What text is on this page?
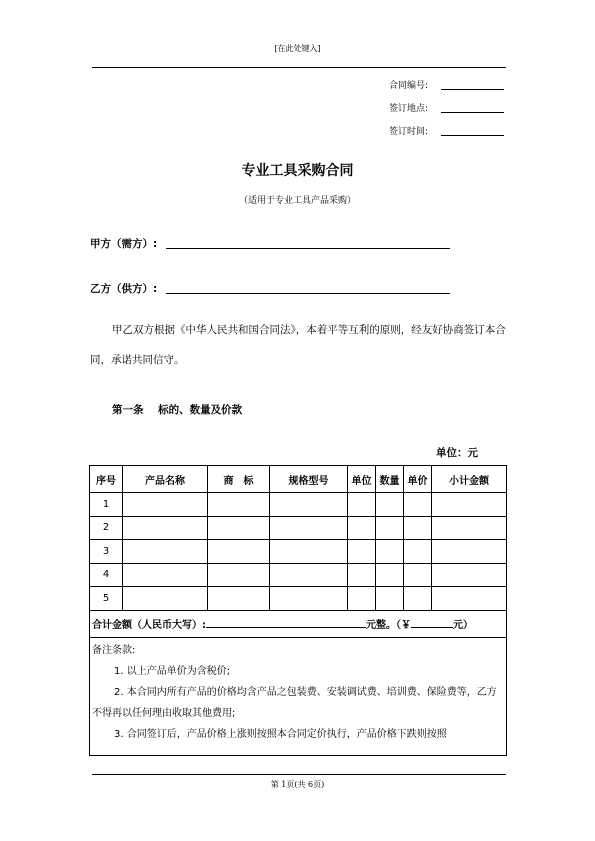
[在此处键入]
合同编号:
签订地点:
签订时间:
专业工具采购合同
（适用于专业工具产品采购）
甲方（需方）:
乙方（供方）:
甲乙双方根据《中华人民共和国合同法》，本着平等互利的原则，经友好协商签订本合同，承诺共同信守。
第一条    标的、数量及价款
单位：元
序号	产品名称	商　标	规格型号	单位	数量	单价	小计金额
1							
2							
3							
4							
5							
合计金额（人民币大写）: 元整。（￥ 元）							

备注条款:

1. 以上产品单价为含税价;

2. 本合同内所有产品的价格均含产品之包装费、安装调试费、培训费、保险费等，乙方不得再以任何理由收取其他费用;

3. 合同签订后，产品价格上涨则按照本合同定价执行，产品价格下跌则按照							

第 1页(共 6页)
